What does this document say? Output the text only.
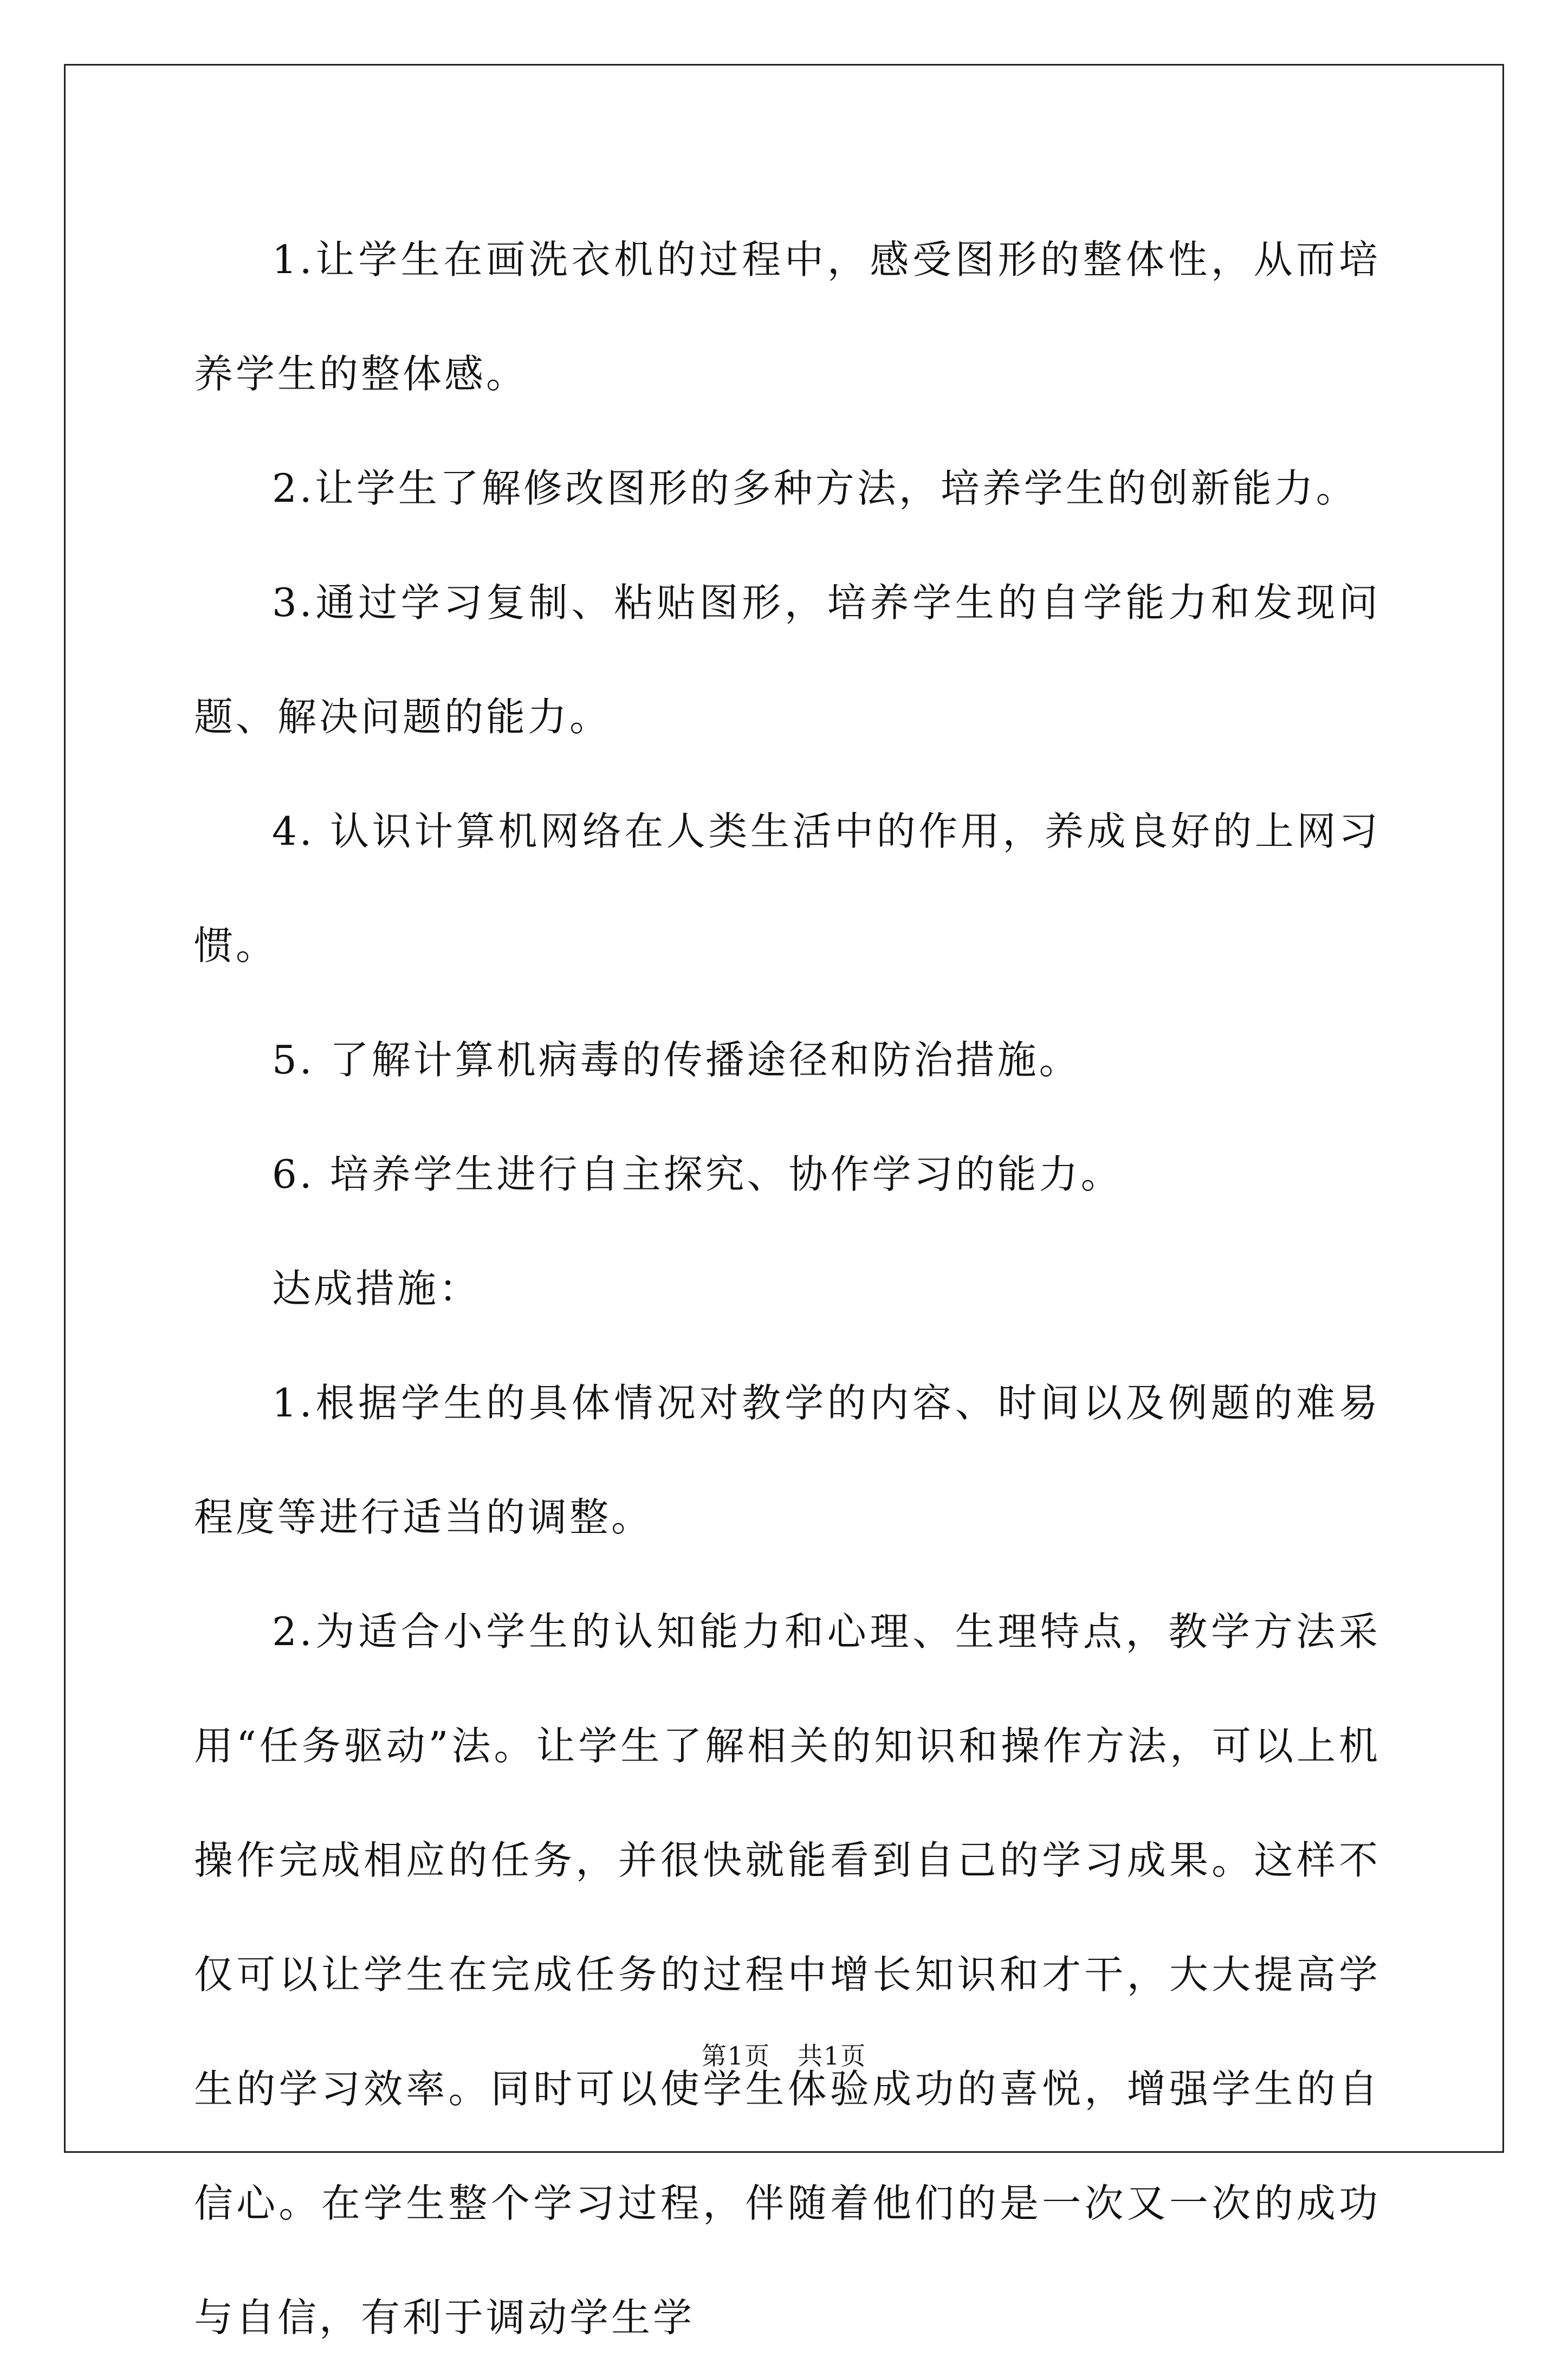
1.让学生在画洗衣机的过程中，感受图形的整体性，从而培养学生的整体感。

2.让学生了解修改图形的多种方法，培养学生的创新能力。

3.通过学习复制、粘贴图形，培养学生的自学能力和发现问题、解决问题的能力。

4. 认识计算机网络在人类生活中的作用，养成良好的上网习惯。

5. 了解计算机病毒的传播途径和防治措施。

6. 培养学生进行自主探究、协作学习的能力。

达成措施：

1.根据学生的具体情况对教学的内容、时间以及例题的难易程度等进行适当的调整。

2.为适合小学生的认知能力和心理、生理特点，教学方法采用“任务驱动”法。让学生了解相关的知识和操作方法，可以上机操作完成相应的任务，并很快就能看到自己的学习成果。这样不仅可以让学生在完成任务的过程中增长知识和才干，大大提高学生的学习效率。同时可以使学生体验成功的喜悦，增强学生的自信心。在学生整个学习过程，伴随着他们的是一次又一次的成功与自信，有利于调动学生学

第1页 共1页
